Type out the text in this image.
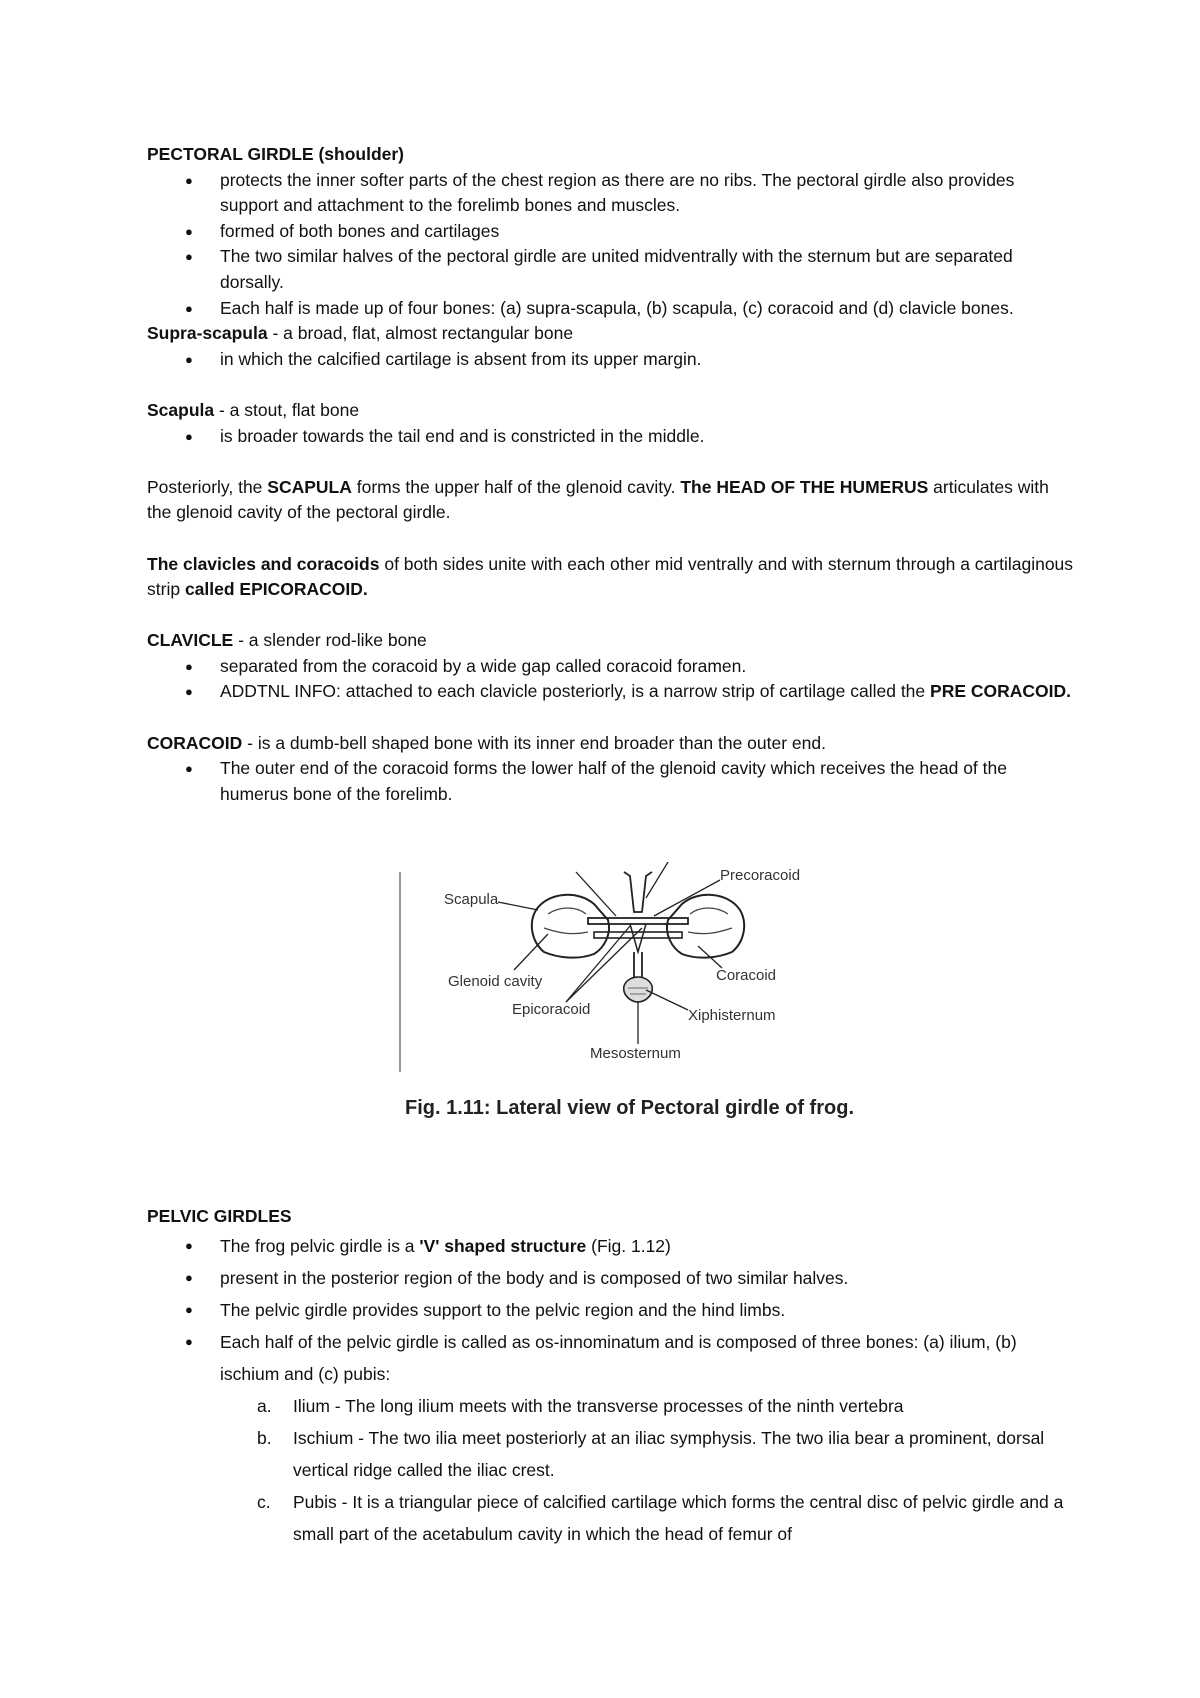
PECTORAL GIRDLE (shoulder)

● protects the inner softer parts of the chest region as there are no ribs. The pectoral girdle also provides support and attachment to the forelimb bones and muscles.
● formed of both bones and cartilages
● The two similar halves of the pectoral girdle are united midventrally with the sternum but are separated dorsally.
● Each half is made up of four bones: (a) supra-scapula, (b) scapula, (c) coracoid and (d) clavicle bones.

Supra-scapula - a broad, flat, almost rectangular bone

● in which the calcified cartilage is absent from its upper margin.

Scapula - a stout, flat bone

● is broader towards the tail end and is constricted in the middle.

Posteriorly, the SCAPULA forms the upper half of the glenoid cavity. The HEAD OF THE HUMERUS articulates with the glenoid cavity of the pectoral girdle.

The clavicles and coracoids of both sides unite with each other mid ventrally and with sternum through a cartilaginous strip called EPICORACOID.

CLAVICLE - a slender rod-like bone

● separated from the coracoid by a wide gap called coracoid foramen.
● ADDTNL INFO: attached to each clavicle posteriorly, is a narrow strip of cartilage called the PRE CORACOID.

CORACOID - is a dumb-bell shaped bone with its inner end broader than the outer end.

● The outer end of the coracoid forms the lower half of the glenoid cavity which receives the head of the humerus bone of the forelimb.
Precoracoid
Scapula
Glenoid cavity	Coracoid
Epicoracoid	Xiphisternum
Mesosternum
Fig. 1.11: Lateral view of Pectoral girdle of frog.

PELVIC GIRDLES

● The frog pelvic girdle is a 'V' shaped structure (Fig. 1.12)
● present in the posterior region of the body and is composed of two similar halves.
● The pelvic girdle provides support to the pelvic region and the hind limbs.
● Each half of the pelvic girdle is called as os-innominatum and is composed of three bones: (a) ilium, (b) ischium and (c) pubis:
a. Ilium - The long ilium meets with the transverse processes of the ninth vertebra
b. Ischium - The two ilia meet posteriorly at an iliac symphysis. The two ilia bear a prominent, dorsal vertical ridge called the iliac crest.
c. Pubis - It is a triangular piece of calcified cartilage which forms the central disc of pelvic girdle and a small part of the acetabulum cavity in which the head of femur of
